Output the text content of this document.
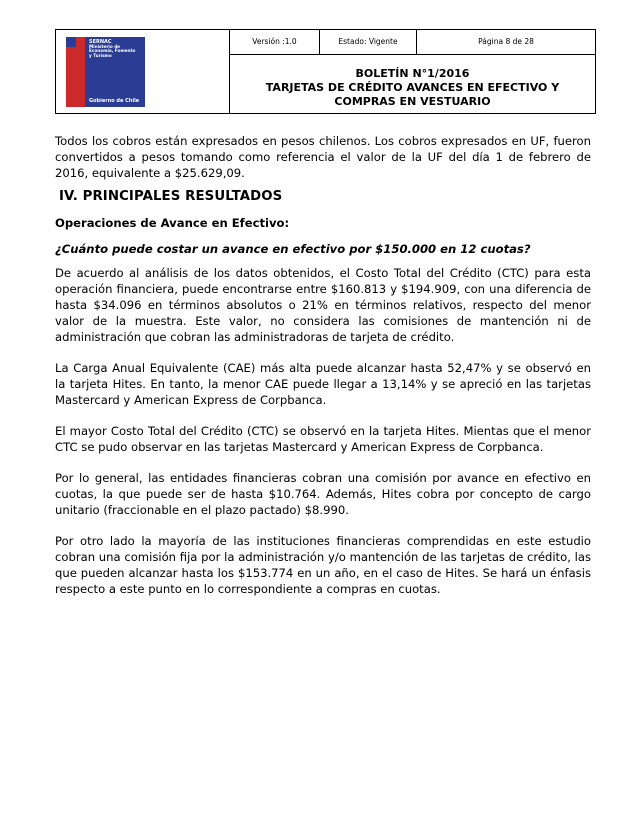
SERNAC
Ministerio de
Economía, Fomento
y Turismo
Gobierno de Chile
Versión :1.0	Estado: Vigente	Página 8 de 28
BOLETÍN N°1/2016
TARJETAS DE CRÉDITO AVANCES EN EFECTIVO Y
COMPRAS EN VESTUARIO

Todos los cobros están expresados en pesos chilenos. Los cobros expresados en UF, fueron convertidos a pesos tomando como referencia el valor de la UF del día 1 de febrero de 2016, equivalente a $25.629,09.

IV. PRINCIPALES RESULTADOS

Operaciones de Avance en Efectivo:

¿Cuánto puede costar un avance en efectivo por $150.000 en 12 cuotas?

De acuerdo al análisis de los datos obtenidos, el Costo Total del Crédito (CTC) para esta operación financiera, puede encontrarse entre $160.813 y $194.909, con una diferencia de hasta $34.096 en términos absolutos o 21% en términos relativos, respecto del menor valor de la muestra. Este valor, no considera las comisiones de mantención ni de administración que cobran las administradoras de tarjeta de crédito.

La Carga Anual Equivalente (CAE) más alta puede alcanzar hasta 52,47% y se observó en la tarjeta Hites. En tanto, la menor CAE puede llegar a 13,14% y se apreció en las tarjetas Mastercard y American Express de Corpbanca.

El mayor Costo Total del Crédito (CTC) se observó en la tarjeta Hites. Mientas que el menor CTC se pudo observar en las tarjetas Mastercard y American Express de Corpbanca.

Por lo general, las entidades financieras cobran una comisión por avance en efectivo en cuotas, la que puede ser de hasta $10.764. Además, Hites cobra por concepto de cargo unitario (fraccionable en el plazo pactado) $8.990.

Por otro lado la mayoría de las instituciones financieras comprendidas en este estudio cobran una comisión fija por la administración y/o mantención de las tarjetas de crédito, las que pueden alcanzar hasta los $153.774 en un año, en el caso de Hites. Se hará un énfasis respecto a este punto en lo correspondiente a compras en cuotas.
